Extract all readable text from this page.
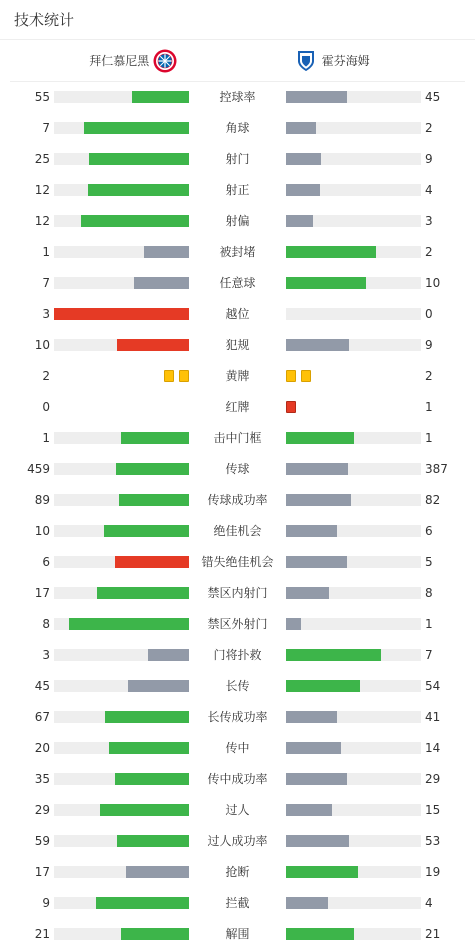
技术统计
拜仁慕尼黑	霍芬海姆
55	控球率	45
7	角球	2
25	射门	9
12	射正	4
12	射偏	3
1	被封堵	2
7	任意球	10
3	越位	0
10	犯规	9
2	黄牌	2
0	红牌	1
1	击中门框	1
459	传球	387
89	传球成功率	82
10	绝佳机会	6
6	错失绝佳机会	5
17	禁区内射门	8
8	禁区外射门	1
3	门将扑救	7
45	长传	54
67	长传成功率	41
20	传中	14
35	传中成功率	29
29	过人	15
59	过人成功率	53
17	抢断	19
9	拦截	4
21	解围	21
